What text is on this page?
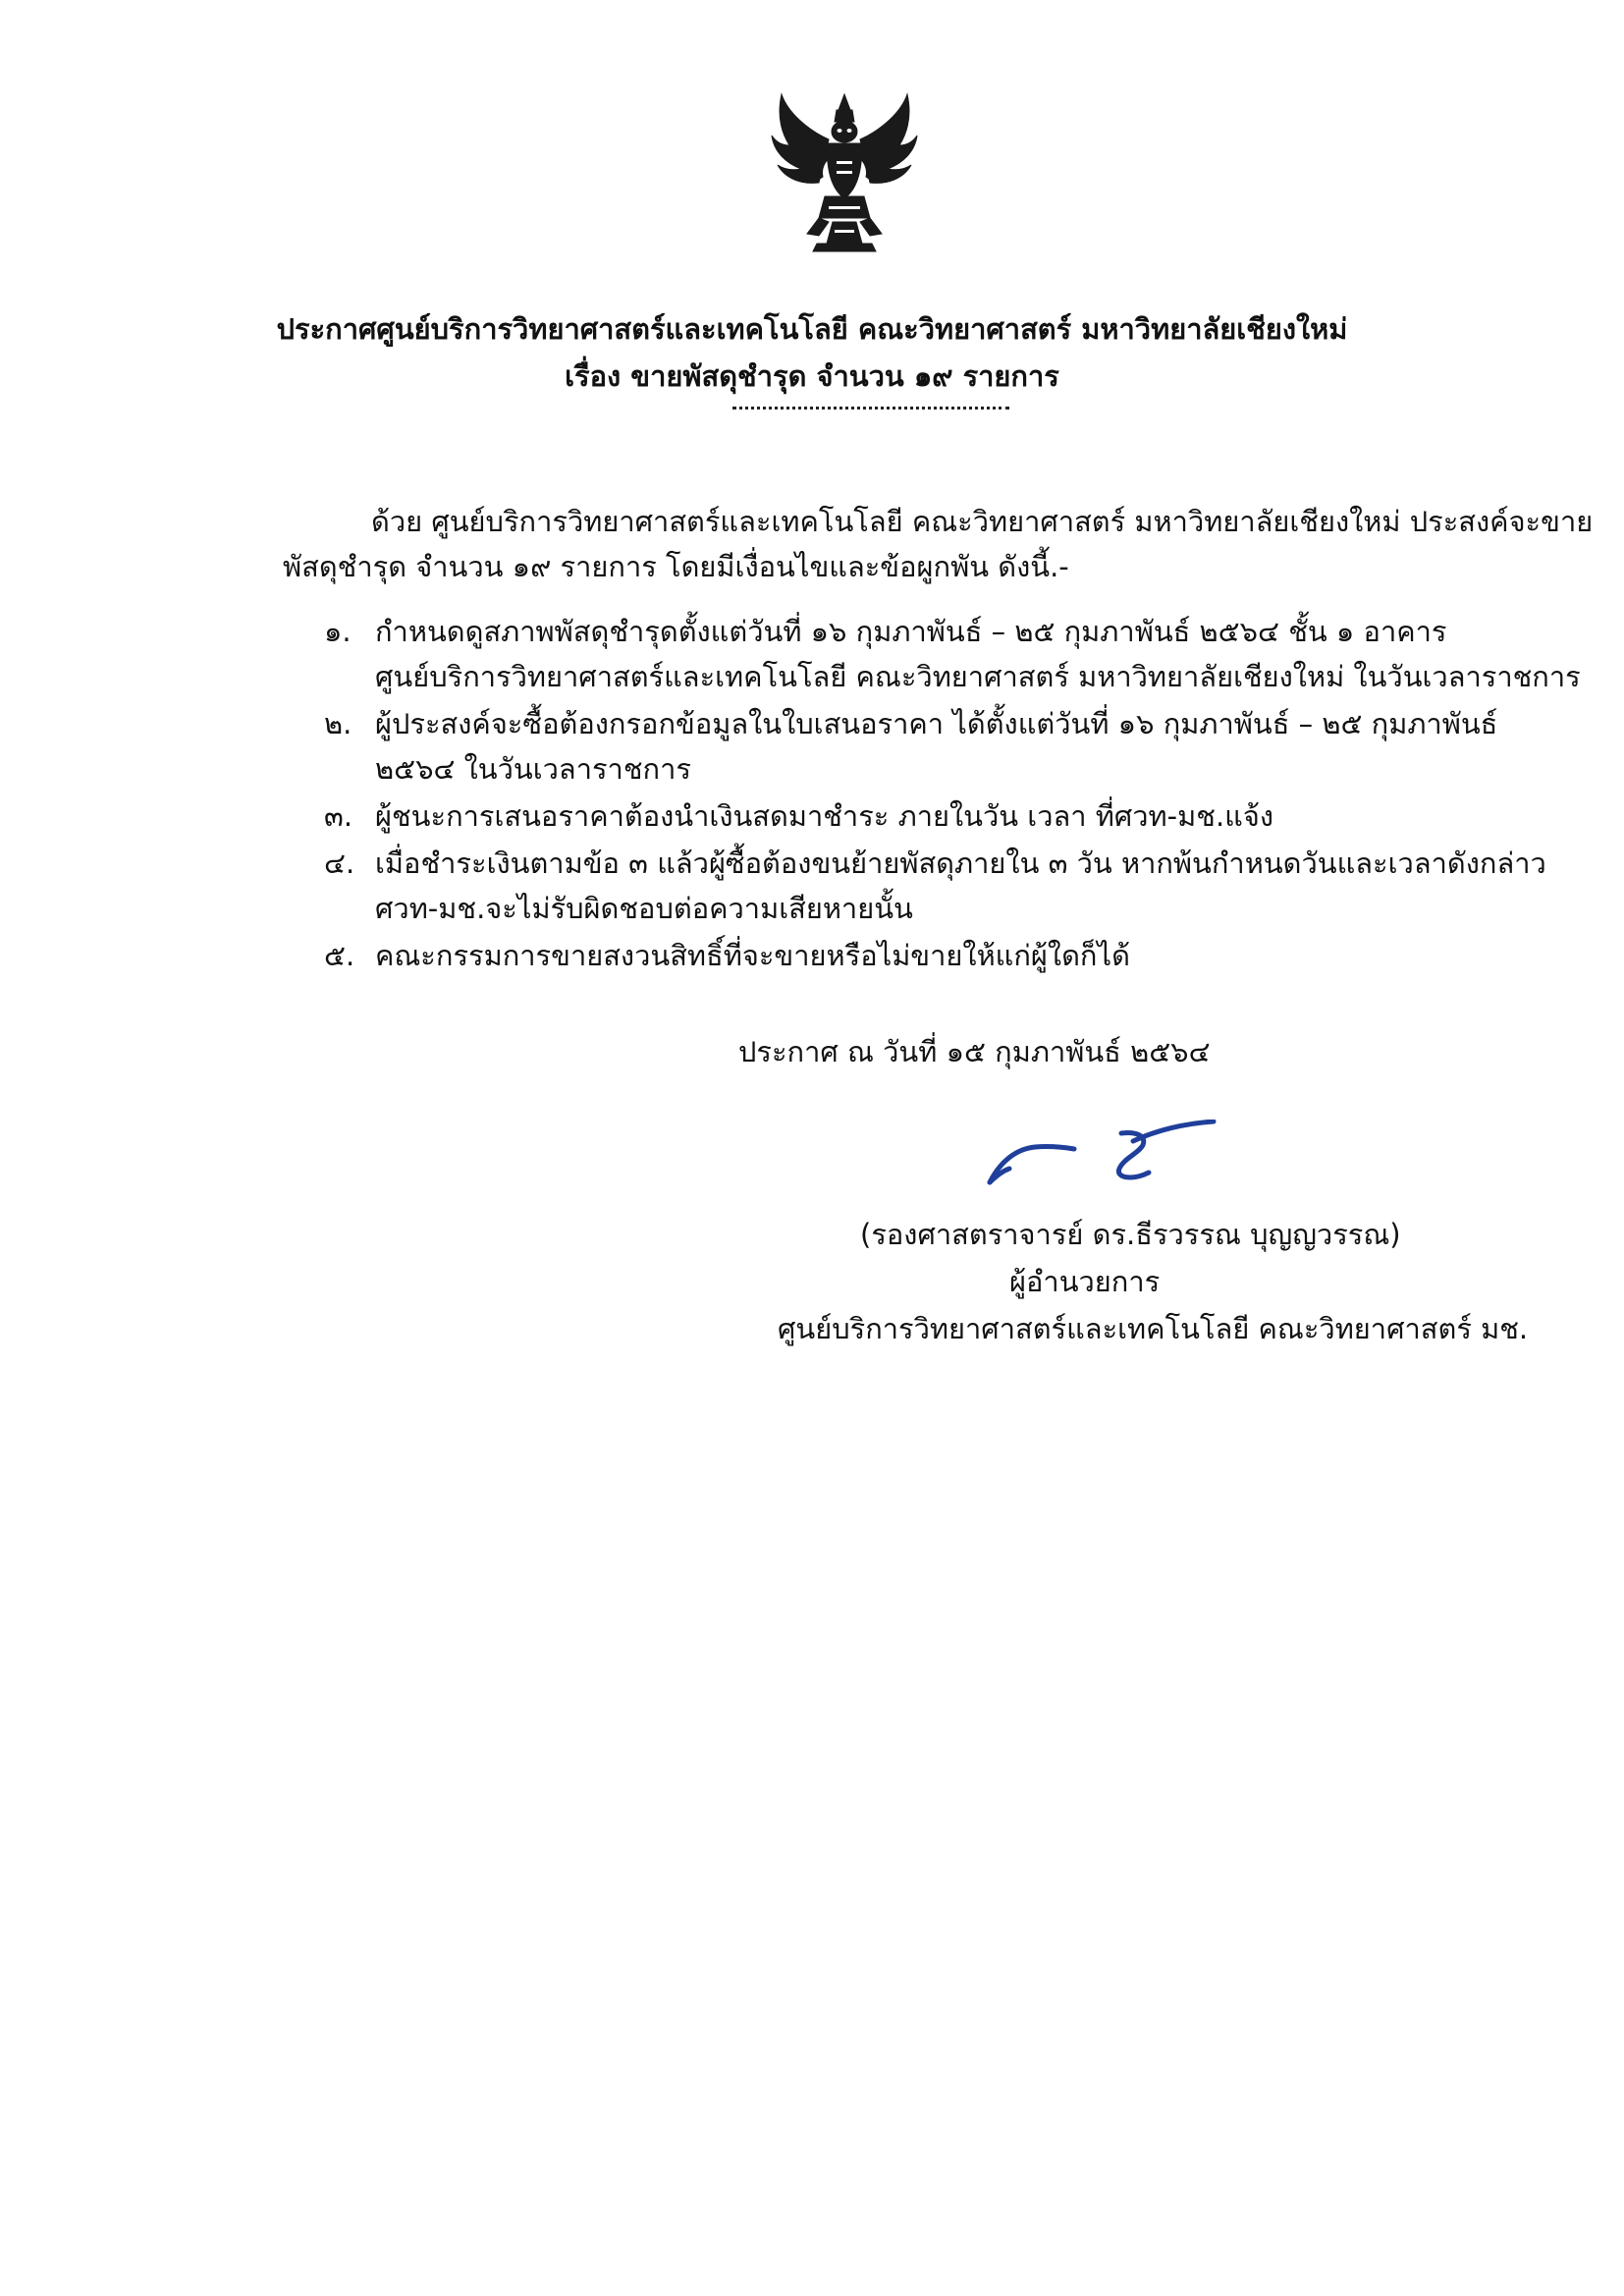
ประกาศศูนย์บริการวิทยาศาสตร์และเทคโนโลยี คณะวิทยาศาสตร์ มหาวิทยาลัยเชียงใหม่
เรื่อง ขายพัสดุชำรุด จำนวน ๑๙ รายการ
ด้วย ศูนย์บริการวิทยาศาสตร์และเทคโนโลยี คณะวิทยาศาสตร์ มหาวิทยาลัยเชียงใหม่ ประสงค์จะขาย
พัสดุชำรุด จำนวน ๑๙ รายการ โดยมีเงื่อนไขและข้อผูกพัน ดังนี้.-
๑. กำหนดดูสภาพพัสดุชำรุดตั้งแต่วันที่ ๑๖ กุมภาพันธ์ – ๒๕ กุมภาพันธ์ ๒๕๖๔ ชั้น ๑ อาคาร
ศูนย์บริการวิทยาศาสตร์และเทคโนโลยี คณะวิทยาศาสตร์ มหาวิทยาลัยเชียงใหม่ ในวันเวลาราชการ
๒. ผู้ประสงค์จะซื้อต้องกรอกข้อมูลในใบเสนอราคา ได้ตั้งแต่วันที่ ๑๖ กุมภาพันธ์ – ๒๕ กุมภาพันธ์
๒๕๖๔ ในวันเวลาราชการ
๓. ผู้ชนะการเสนอราคาต้องนำเงินสดมาชำระ ภายในวัน เวลา ที่ศวท-มช.แจ้ง
๔. เมื่อชำระเงินตามข้อ ๓ แล้วผู้ซื้อต้องขนย้ายพัสดุภายใน ๓ วัน หากพ้นกำหนดวันและเวลาดังกล่าว
ศวท-มช.จะไม่รับผิดชอบต่อความเสียหายนั้น
๕. คณะกรรมการขายสงวนสิทธิ์ที่จะขายหรือไม่ขายให้แก่ผู้ใดก็ได้
ประกาศ ณ วันที่ ๑๕ กุมภาพันธ์ ๒๕๖๔
(รองศาสตราจารย์ ดร.ธีรวรรณ บุญญวรรณ)
ผู้อำนวยการ
ศูนย์บริการวิทยาศาสตร์และเทคโนโลยี คณะวิทยาศาสตร์ มช.
